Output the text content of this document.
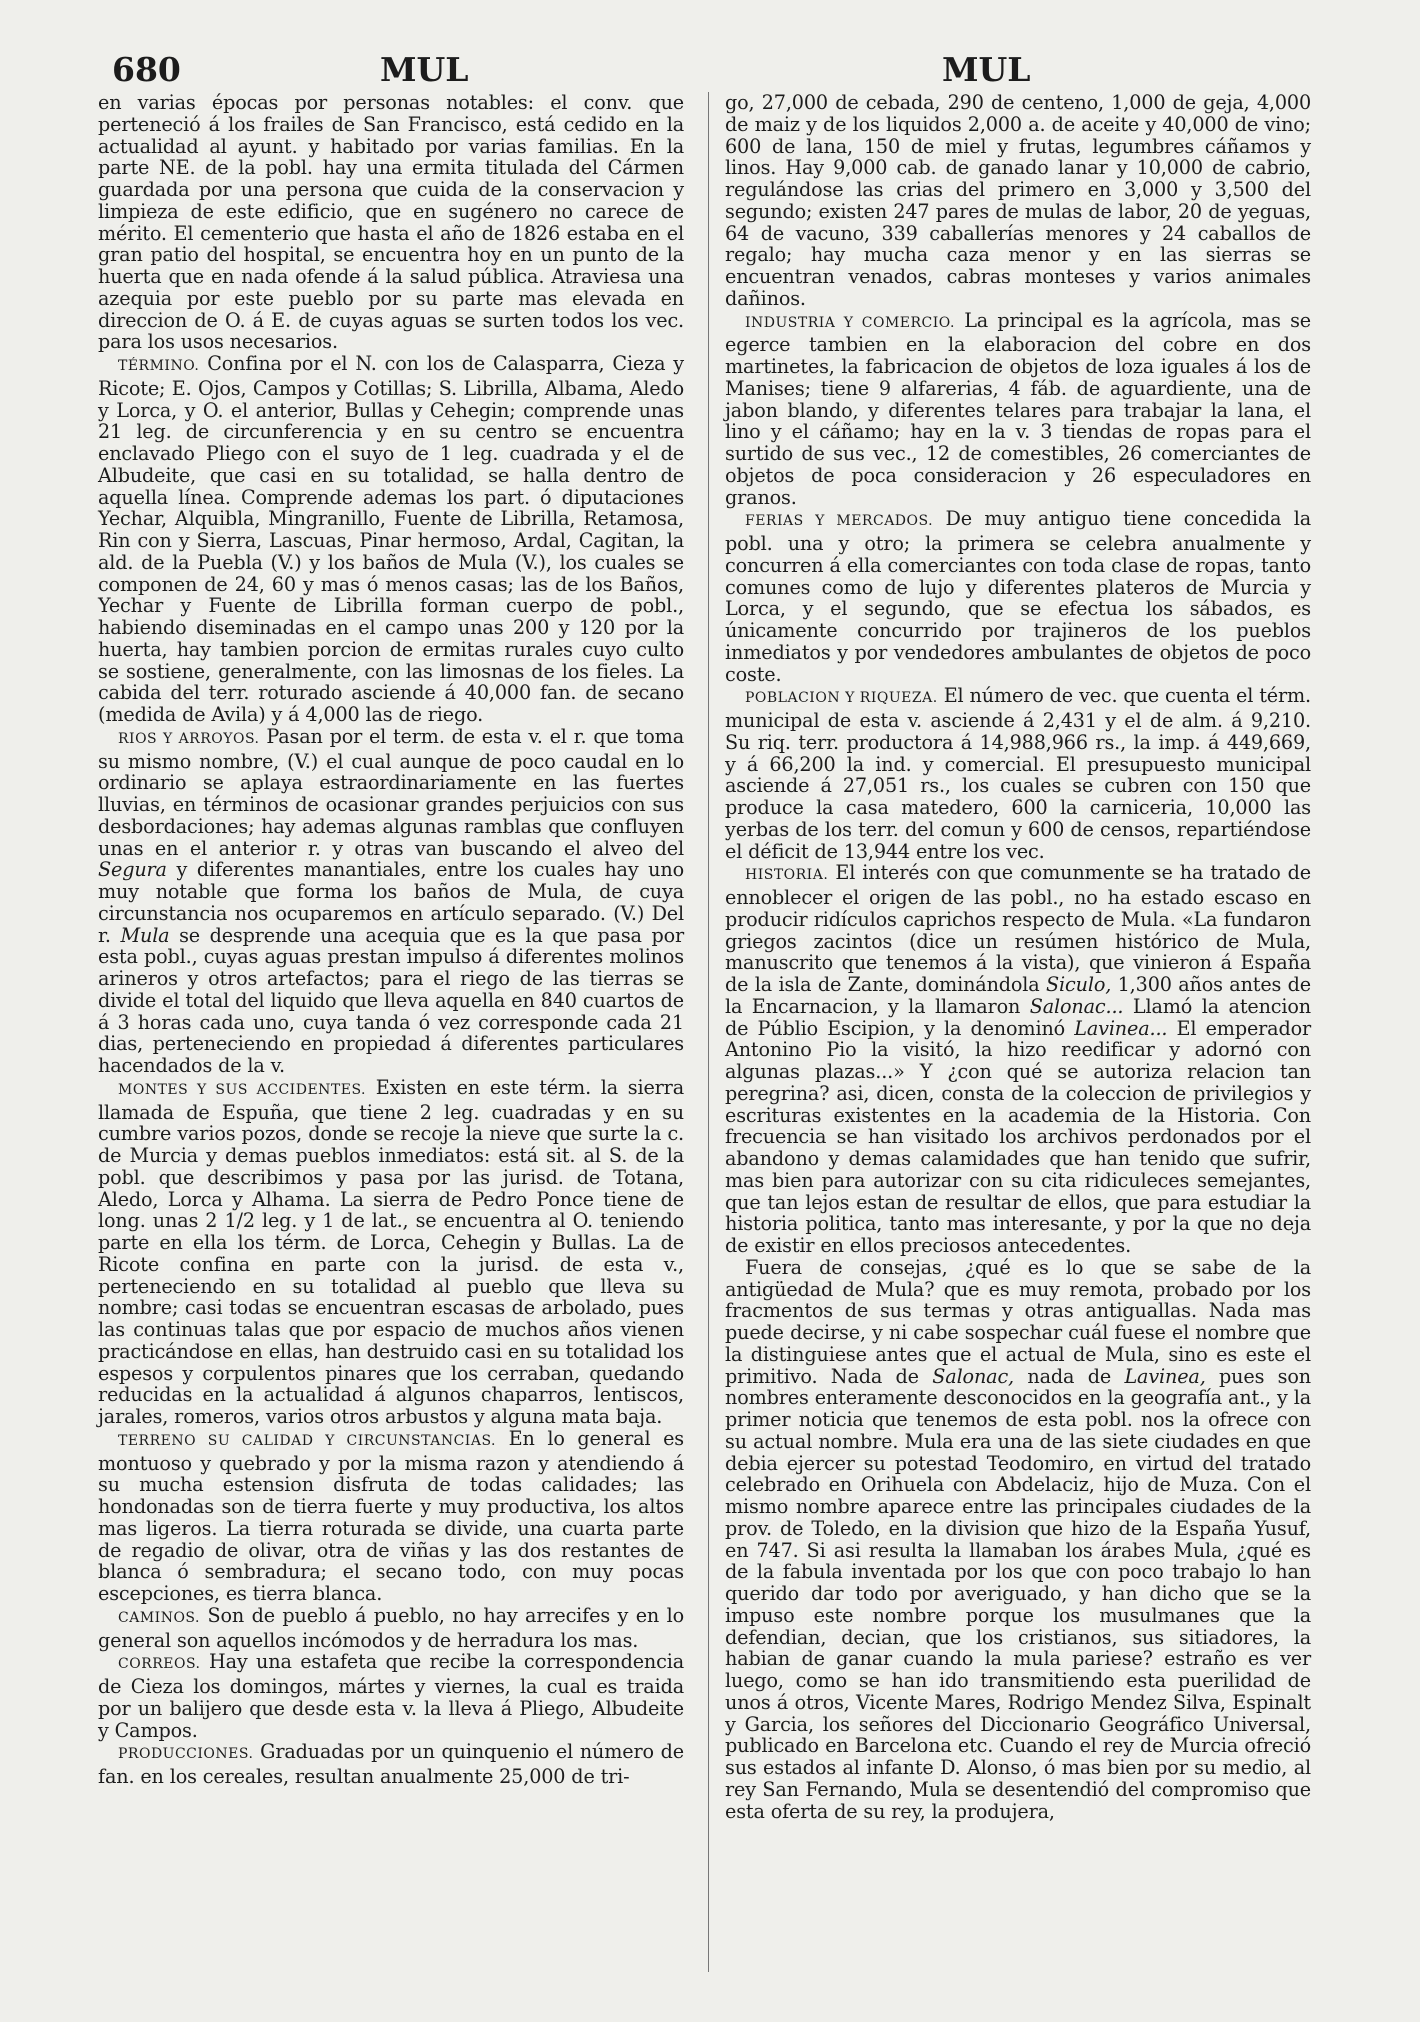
680	MUL	MUL

en varias épocas por personas notables: el conv. que perteneció á los frailes de San Francisco, está cedido en la actualidad al ayunt. y habitado por varias familias. En la parte NE. de la pobl. hay una ermita titulada del Cármen guardada por una persona que cuida de la conservacion y limpieza de este edificio, que en sugénero no carece de mérito. El cementerio que hasta el año de 1826 estaba en el gran patio del hospital, se encuentra hoy en un punto de la huerta que en nada ofende á la salud pública. Atraviesa una azequia por este pueblo por su parte mas elevada en direccion de O. á E. de cuyas aguas se surten todos los vec. para los usos necesarios.

TÉRMINO. Confina por el N. con los de Calasparra, Cieza y Ricote; E. Ojos, Campos y Cotillas; S. Librilla, Albama, Aledo y Lorca, y O. el anterior, Bullas y Cehegin; comprende unas 21 leg. de circunferencia y en su centro se encuentra enclavado Pliego con el suyo de 1 leg. cuadrada y el de Albudeite, que casi en su totalidad, se halla dentro de aquella línea. Comprende ademas los part. ó diputaciones Yechar, Alquibla, Mingranillo, Fuente de Librilla, Retamosa, Rin con y Sierra, Lascuas, Pinar hermoso, Ardal, Cagitan, la ald. de la Puebla (V.) y los baños de Mula (V.), los cuales se componen de 24, 60 y mas ó menos casas; las de los Baños, Yechar y Fuente de Librilla forman cuerpo de pobl., habiendo diseminadas en el campo unas 200 y 120 por la huerta, hay tambien porcion de ermitas rurales cuyo culto se sostiene, generalmente, con las limosnas de los fieles. La cabida del terr. roturado asciende á 40,000 fan. de secano (medida de Avila) y á 4,000 las de riego.

RIOS Y ARROYOS. Pasan por el term. de esta v. el r. que toma su mismo nombre, (V.) el cual aunque de poco caudal en lo ordinario se aplaya estraordinariamente en las fuertes lluvias, en términos de ocasionar grandes perjuicios con sus desbordaciones; hay ademas algunas ramblas que confluyen unas en el anterior r. y otras van buscando el alveo del Segura y diferentes manantiales, entre los cuales hay uno muy notable que forma los baños de Mula, de cuya circunstancia nos ocuparemos en artículo separado. (V.) Del r. Mula se desprende una acequia que es la que pasa por esta pobl., cuyas aguas prestan impulso á diferentes molinos arineros y otros artefactos; para el riego de las tierras se divide el total del liquido que lleva aquella en 840 cuartos de á 3 horas cada uno, cuya tanda ó vez corresponde cada 21 dias, perteneciendo en propiedad á diferentes particulares hacendados de la v.

MONTES Y SUS ACCIDENTES. Existen en este térm. la sierra llamada de Espuña, que tiene 2 leg. cuadradas y en su cumbre varios pozos, donde se recoje la nieve que surte la c. de Murcia y demas pueblos inmediatos: está sit. al S. de la pobl. que describimos y pasa por las jurisd. de Totana, Aledo, Lorca y Alhama. La sierra de Pedro Ponce tiene de long. unas 2 1/2 leg. y 1 de lat., se encuentra al O. teniendo parte en ella los térm. de Lorca, Cehegin y Bullas. La de Ricote confina en parte con la jurisd. de esta v., perteneciendo en su totalidad al pueblo que lleva su nombre; casi todas se encuentran escasas de arbolado, pues las continuas talas que por espacio de muchos años vienen practicándose en ellas, han destruido casi en su totalidad los espesos y corpulentos pinares que los cerraban, quedando reducidas en la actualidad á algunos chaparros, lentiscos, jarales, romeros, varios otros arbustos y alguna mata baja.

TERRENO SU CALIDAD Y CIRCUNSTANCIAS. En lo general es montuoso y quebrado y por la misma razon y atendiendo á su mucha estension disfruta de todas calidades; las hondonadas son de tierra fuerte y muy productiva, los altos mas ligeros. La tierra roturada se divide, una cuarta parte de regadio de olivar, otra de viñas y las dos restantes de blanca ó sembradura; el secano todo, con muy pocas escepciones, es tierra blanca.

CAMINOS. Son de pueblo á pueblo, no hay arrecifes y en lo general son aquellos incómodos y de herradura los mas.

CORREOS. Hay una estafeta que recibe la correspondencia de Cieza los domingos, mártes y viernes, la cual es traida por un balijero que desde esta v. la lleva á Pliego, Albudeite y Campos.

PRODUCCIONES. Graduadas por un quinquenio el número de fan. en los cereales, resultan anualmente 25,000 de tri-

go, 27,000 de cebada, 290 de centeno, 1,000 de geja, 4,000 de maiz y de los liquidos 2,000 a. de aceite y 40,000 de vino; 600 de lana, 150 de miel y frutas, legumbres cáñamos y linos. Hay 9,000 cab. de ganado lanar y 10,000 de cabrio, regulándose las crias del primero en 3,000 y 3,500 del segundo; existen 247 pares de mulas de labor, 20 de yeguas, 64 de vacuno, 339 caballerías menores y 24 caballos de regalo; hay mucha caza menor y en las sierras se encuentran venados, cabras monteses y varios animales dañinos.

INDUSTRIA Y COMERCIO. La principal es la agrícola, mas se egerce tambien en la elaboracion del cobre en dos martinetes, la fabricacion de objetos de loza iguales á los de Manises; tiene 9 alfarerias, 4 fáb. de aguardiente, una de jabon blando, y diferentes telares para trabajar la lana, el lino y el cáñamo; hay en la v. 3 tiendas de ropas para el surtido de sus vec., 12 de comestibles, 26 comerciantes de objetos de poca consideracion y 26 especuladores en granos.

FERIAS Y MERCADOS. De muy antiguo tiene concedida la pobl. una y otro; la primera se celebra anualmente y concurren á ella comerciantes con toda clase de ropas, tanto comunes como de lujo y diferentes plateros de Murcia y Lorca, y el segundo, que se efectua los sábados, es únicamente concurrido por trajineros de los pueblos inmediatos y por vendedores ambulantes de objetos de poco coste.

POBLACION Y RIQUEZA. El número de vec. que cuenta el térm. municipal de esta v. asciende á 2,431 y el de alm. á 9,210. Su riq. terr. productora á 14,988,966 rs., la imp. á 449,669, y á 66,200 la ind. y comercial. El presupuesto municipal asciende á 27,051 rs., los cuales se cubren con 150 que produce la casa matedero, 600 la carniceria, 10,000 las yerbas de los terr. del comun y 600 de censos, repartiéndose el déficit de 13,944 entre los vec.

HISTORIA. El interés con que comunmente se ha tratado de ennoblecer el origen de las pobl., no ha estado escaso en producir ridículos caprichos respecto de Mula. «La fundaron griegos zacintos (dice un resúmen histórico de Mula, manuscrito que tenemos á la vista), que vinieron á España de la isla de Zante, dominándola Siculo, 1,300 años antes de la Encarnacion, y la llamaron Salonac... Llamó la atencion de Públio Escipion, y la denominó Lavinea... El emperador Antonino Pio la visitó, la hizo reedificar y adornó con algunas plazas...» Y ¿con qué se autoriza relacion tan peregrina? asi, dicen, consta de la coleccion de privilegios y escrituras existentes en la academia de la Historia. Con frecuencia se han visitado los archivos perdonados por el abandono y demas calamidades que han tenido que sufrir, mas bien para autorizar con su cita ridiculeces semejantes, que tan lejos estan de resultar de ellos, que para estudiar la historia politica, tanto mas interesante, y por la que no deja de existir en ellos preciosos antecedentes.

Fuera de consejas, ¿qué es lo que se sabe de la antigüedad de Mula? que es muy remota, probado por los fracmentos de sus termas y otras antiguallas. Nada mas puede decirse, y ni cabe sospechar cuál fuese el nombre que la distinguiese antes que el actual de Mula, sino es este el primitivo. Nada de Salonac, nada de Lavinea, pues son nombres enteramente desconocidos en la geografía ant., y la primer noticia que tenemos de esta pobl. nos la ofrece con su actual nombre. Mula era una de las siete ciudades en que debia ejercer su potestad Teodomiro, en virtud del tratado celebrado en Orihuela con Abdelaciz, hijo de Muza. Con el mismo nombre aparece entre las principales ciudades de la prov. de Toledo, en la division que hizo de la España Yusuf, en 747. Si asi resulta la llamaban los árabes Mula, ¿qué es de la fabula inventada por los que con poco trabajo lo han querido dar todo por averiguado, y han dicho que se la impuso este nombre porque los musulmanes que la defendian, decian, que los cristianos, sus sitiadores, la habian de ganar cuando la mula pariese? estraño es ver luego, como se han ido transmitiendo esta puerilidad de unos á otros, Vicente Mares, Rodrigo Mendez Silva, Espinalt y Garcia, los señores del Diccionario Geográfico Universal, publicado en Barcelona etc. Cuando el rey de Murcia ofreció sus estados al infante D. Alonso, ó mas bien por su medio, al rey San Fernando, Mula se desentendió del compromiso que esta oferta de su rey, la produjera,
